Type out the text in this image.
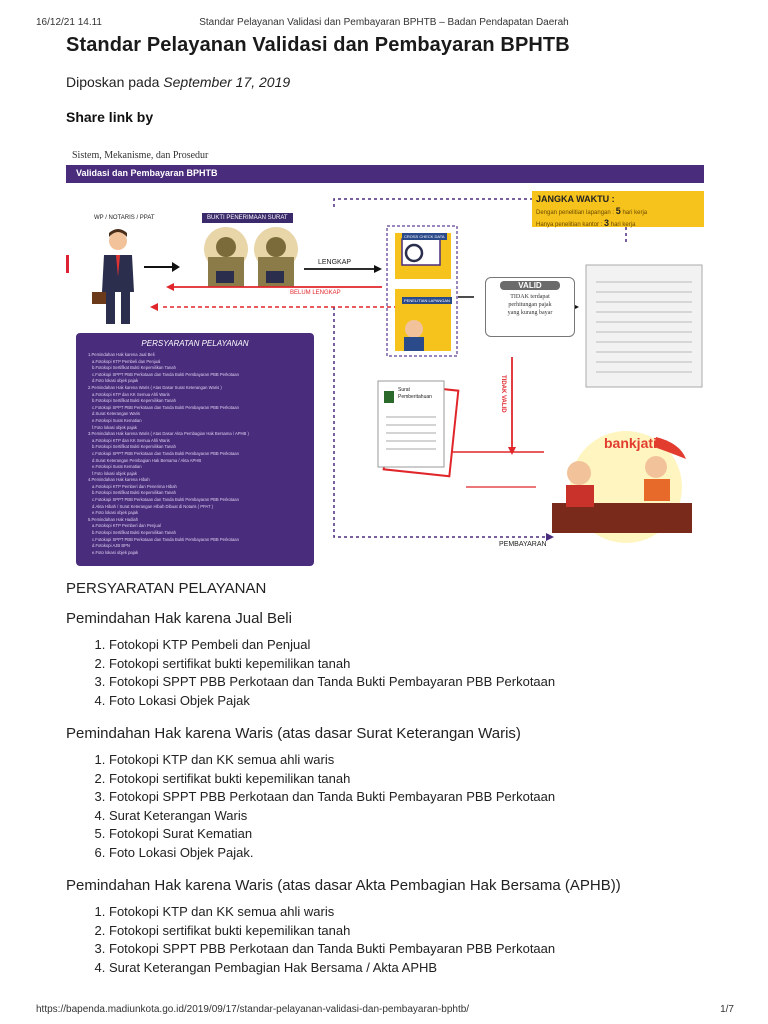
16/12/21 14.11	Standar Pelayanan Validasi dan Pembayaran BPHTB – Badan Pendapatan Daerah
Standar Pelayanan Validasi dan Pembayaran BPHTB
Diposkan pada September 17, 2019
Share link by
Sistem, Mekanisme, dan Prosedur
Validasi dan Pembayaran BPHTB
JANGKA WAKTU :
Dengan penelitian lapangan : 5 hari kerja
Hanya penelitian kantor : 3 hari kerja
WP / NOTARIS / PPAT	BUKTI PENERIMAAN SURAT
LENGKAP
BELUM LENGKAP
CROSS CHECK DATA
PENELITIAN LAPANGAN
VALID
TIDAK terdapat
perhitungan pajak
yang kurang bayar
TIDAK VALID
Surat
Pemberitahuan
PEMBAYARAN
bankjatim
PERSYARATAN PELAYANAN
1.Pemindahan Hak karena Jual Beli
a.Fotokopi KTP Pembeli dan Penjual
b.Fotokopi Sertifikat Bukti Kepemilikan Tanah
c.Fotokopi SPPT PBB Perkotaan dan Tanda Bukti Pembayaran PBB Perkotaan
d.Foto lokasi objek pajak
2.Pemindahan Hak karena Waris ( Atas Dasar Surat Keterangan Waris )
a.Fotokopi KTP dan KK Semua Ahli Waris
b.Fotokopi Sertifikat Bukti Kepemilikan Tanah
c.Fotokopi SPPT PBB Perkotaan dan Tanda Bukti Pembayaran PBB Perkotaan
d.Surat Keterangan Waris
e.Fotokopi Surat Kematian
f.Foto lokasi objek pajak
3.Pemindahan Hak karena Waris ( Atas Dasar Akta Pembagian Hak Bersama / APHB )
a.Fotokopi KTP dan KK Semua Ahli Waris
b.Fotokopi Sertifikat Bukti Kepemilikan Tanah
c.Fotokopi SPPT PBB Perkotaan dan Tanda Bukti Pembayaran PBB Perkotaan
d.Surat Keterangan Pembagian Hak Bersama / Akta APHB
e.Fotokopi Surat Kematian
f.Foto lokasi objek pajak
4.Pemindahan Hak karena Hibah
a.Fotokopi KTP Pemberi dan Penerima Hibah
b.Fotokopi Sertifikat Bukti Kepemilikan Tanah
c.Fotokopi SPPT PBB Perkotaan dan Tanda Bukti Pembayaran PBB Perkotaan
d.Akta Hibah / Surat Keterangan Hibah Dibuat di Notaris ( PPAT )
e.Foto lokasi objek pajak
5.Pemindahan Hak Hadiah
a.Fotokopi KTP Pemberi dan Penjual
b.Fotokopi Sertifikat Bukti Kepemilikan Tanah
c.Fotokopi SPPT PBB Perkotaan dan Tanda Bukti Pembayaran PBB Perkotaan
d.Fotokopi AJB BPN
e.Foto lokasi objek pajak
PERSYARATAN PELAYANAN
Pemindahan Hak karena Jual Beli
1. Fotokopi KTP Pembeli dan Penjual
2. Fotokopi sertifikat bukti kepemilikan tanah
3. Fotokopi SPPT PBB Perkotaan dan Tanda Bukti Pembayaran PBB Perkotaan
4. Foto Lokasi Objek Pajak
Pemindahan Hak karena Waris (atas dasar Surat Keterangan Waris)
1. Fotokopi KTP dan KK semua ahli waris
2. Fotokopi sertifikat bukti kepemilikan tanah
3. Fotokopi SPPT PBB Perkotaan dan Tanda Bukti Pembayaran PBB Perkotaan
4. Surat Keterangan Waris
5. Fotokopi Surat Kematian
6. Foto Lokasi Objek Pajak.
Pemindahan Hak karena Waris (atas dasar Akta Pembagian Hak Bersama (APHB))
1. Fotokopi KTP dan KK semua ahli waris
2. Fotokopi sertifikat bukti kepemilikan tanah
3. Fotokopi SPPT PBB Perkotaan dan Tanda Bukti Pembayaran PBB Perkotaan
4. Surat Keterangan Pembagian Hak Bersama / Akta APHB
https://bapenda.madiunkota.go.id/2019/09/17/standar-pelayanan-validasi-dan-pembayaran-bphtb/	1/7
